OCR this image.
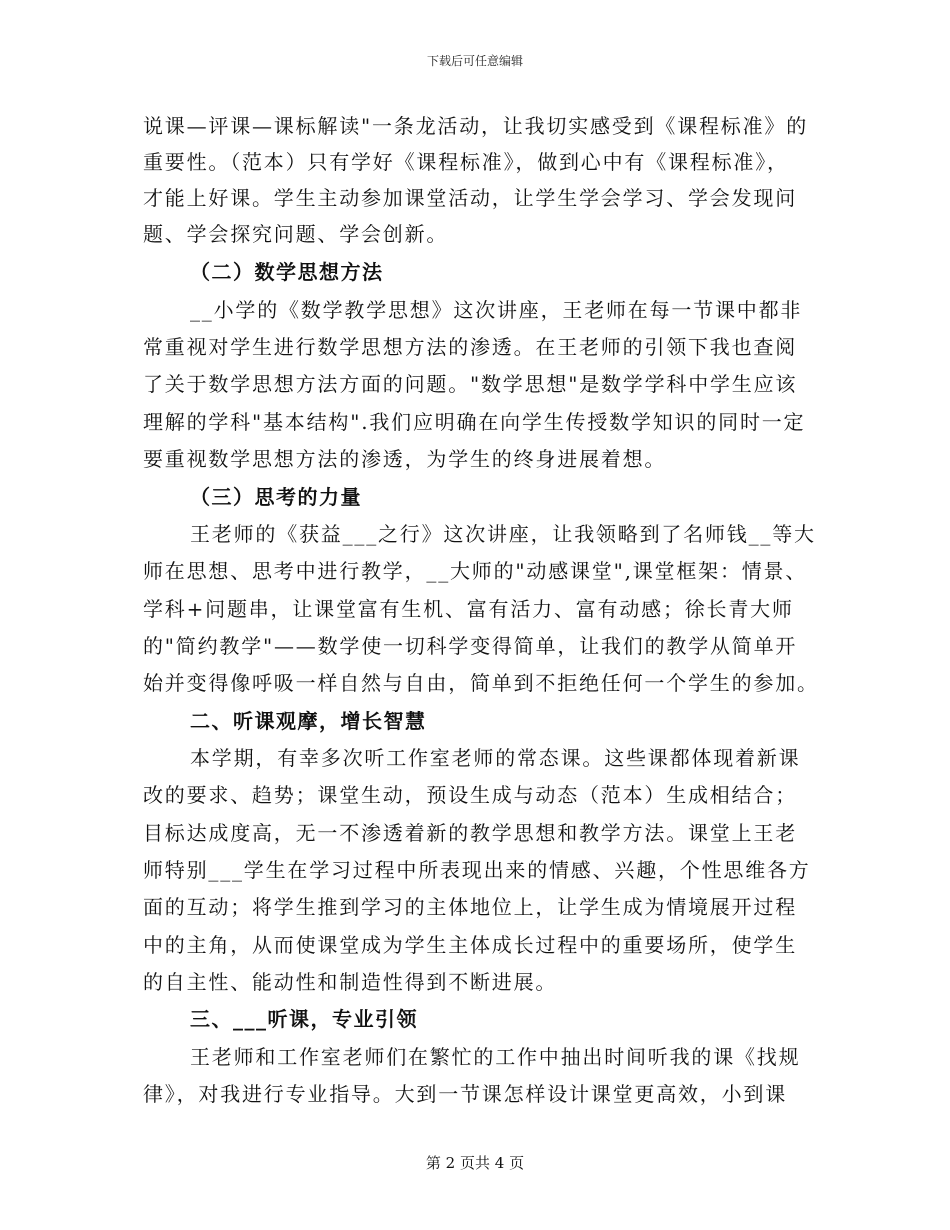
下载后可任意编辑
说课—评课—课标解读"一条龙活动，让我切实感受到《课程标准》的
重要性。（范本）只有学好《课程标准》，做到心中有《课程标准》，
才能上好课。学生主动参加课堂活动，让学生学会学习、学会发现问
题、学会探究问题、学会创新。
（二）数学思想方法
__小学的《数学教学思想》这次讲座，王老师在每一节课中都非
常重视对学生进行数学思想方法的渗透。在王老师的引领下我也查阅
了关于数学思想方法方面的问题。"数学思想"是数学学科中学生应该
理解的学科"基本结构".我们应明确在向学生传授数学知识的同时一定
要重视数学思想方法的渗透，为学生的终身进展着想。
（三）思考的力量
王老师的《获益___之行》这次讲座，让我领略到了名师钱__等大
师在思想、思考中进行教学，__大师的"动感课堂",课堂框架：情景、
学科+问题串，让课堂富有生机、富有活力、富有动感；徐长青大师
的"简约教学"——数学使一切科学变得简单，让我们的教学从简单开
始并变得像呼吸一样自然与自由，简单到不拒绝任何一个学生的参加。
二、听课观摩，增长智慧
本学期，有幸多次听工作室老师的常态课。这些课都体现着新课
改的要求、趋势；课堂生动，预设生成与动态（范本）生成相结合；
目标达成度高，无一不渗透着新的教学思想和教学方法。课堂上王老
师特别___学生在学习过程中所表现出来的情感、兴趣，个性思维各方
面的互动；将学生推到学习的主体地位上，让学生成为情境展开过程
中的主角，从而使课堂成为学生主体成长过程中的重要场所，使学生
的自主性、能动性和制造性得到不断进展。
三、___听课，专业引领
王老师和工作室老师们在繁忙的工作中抽出时间听我的课《找规
律》，对我进行专业指导。大到一节课怎样设计课堂更高效，小到课
第 2 页共 4 页
